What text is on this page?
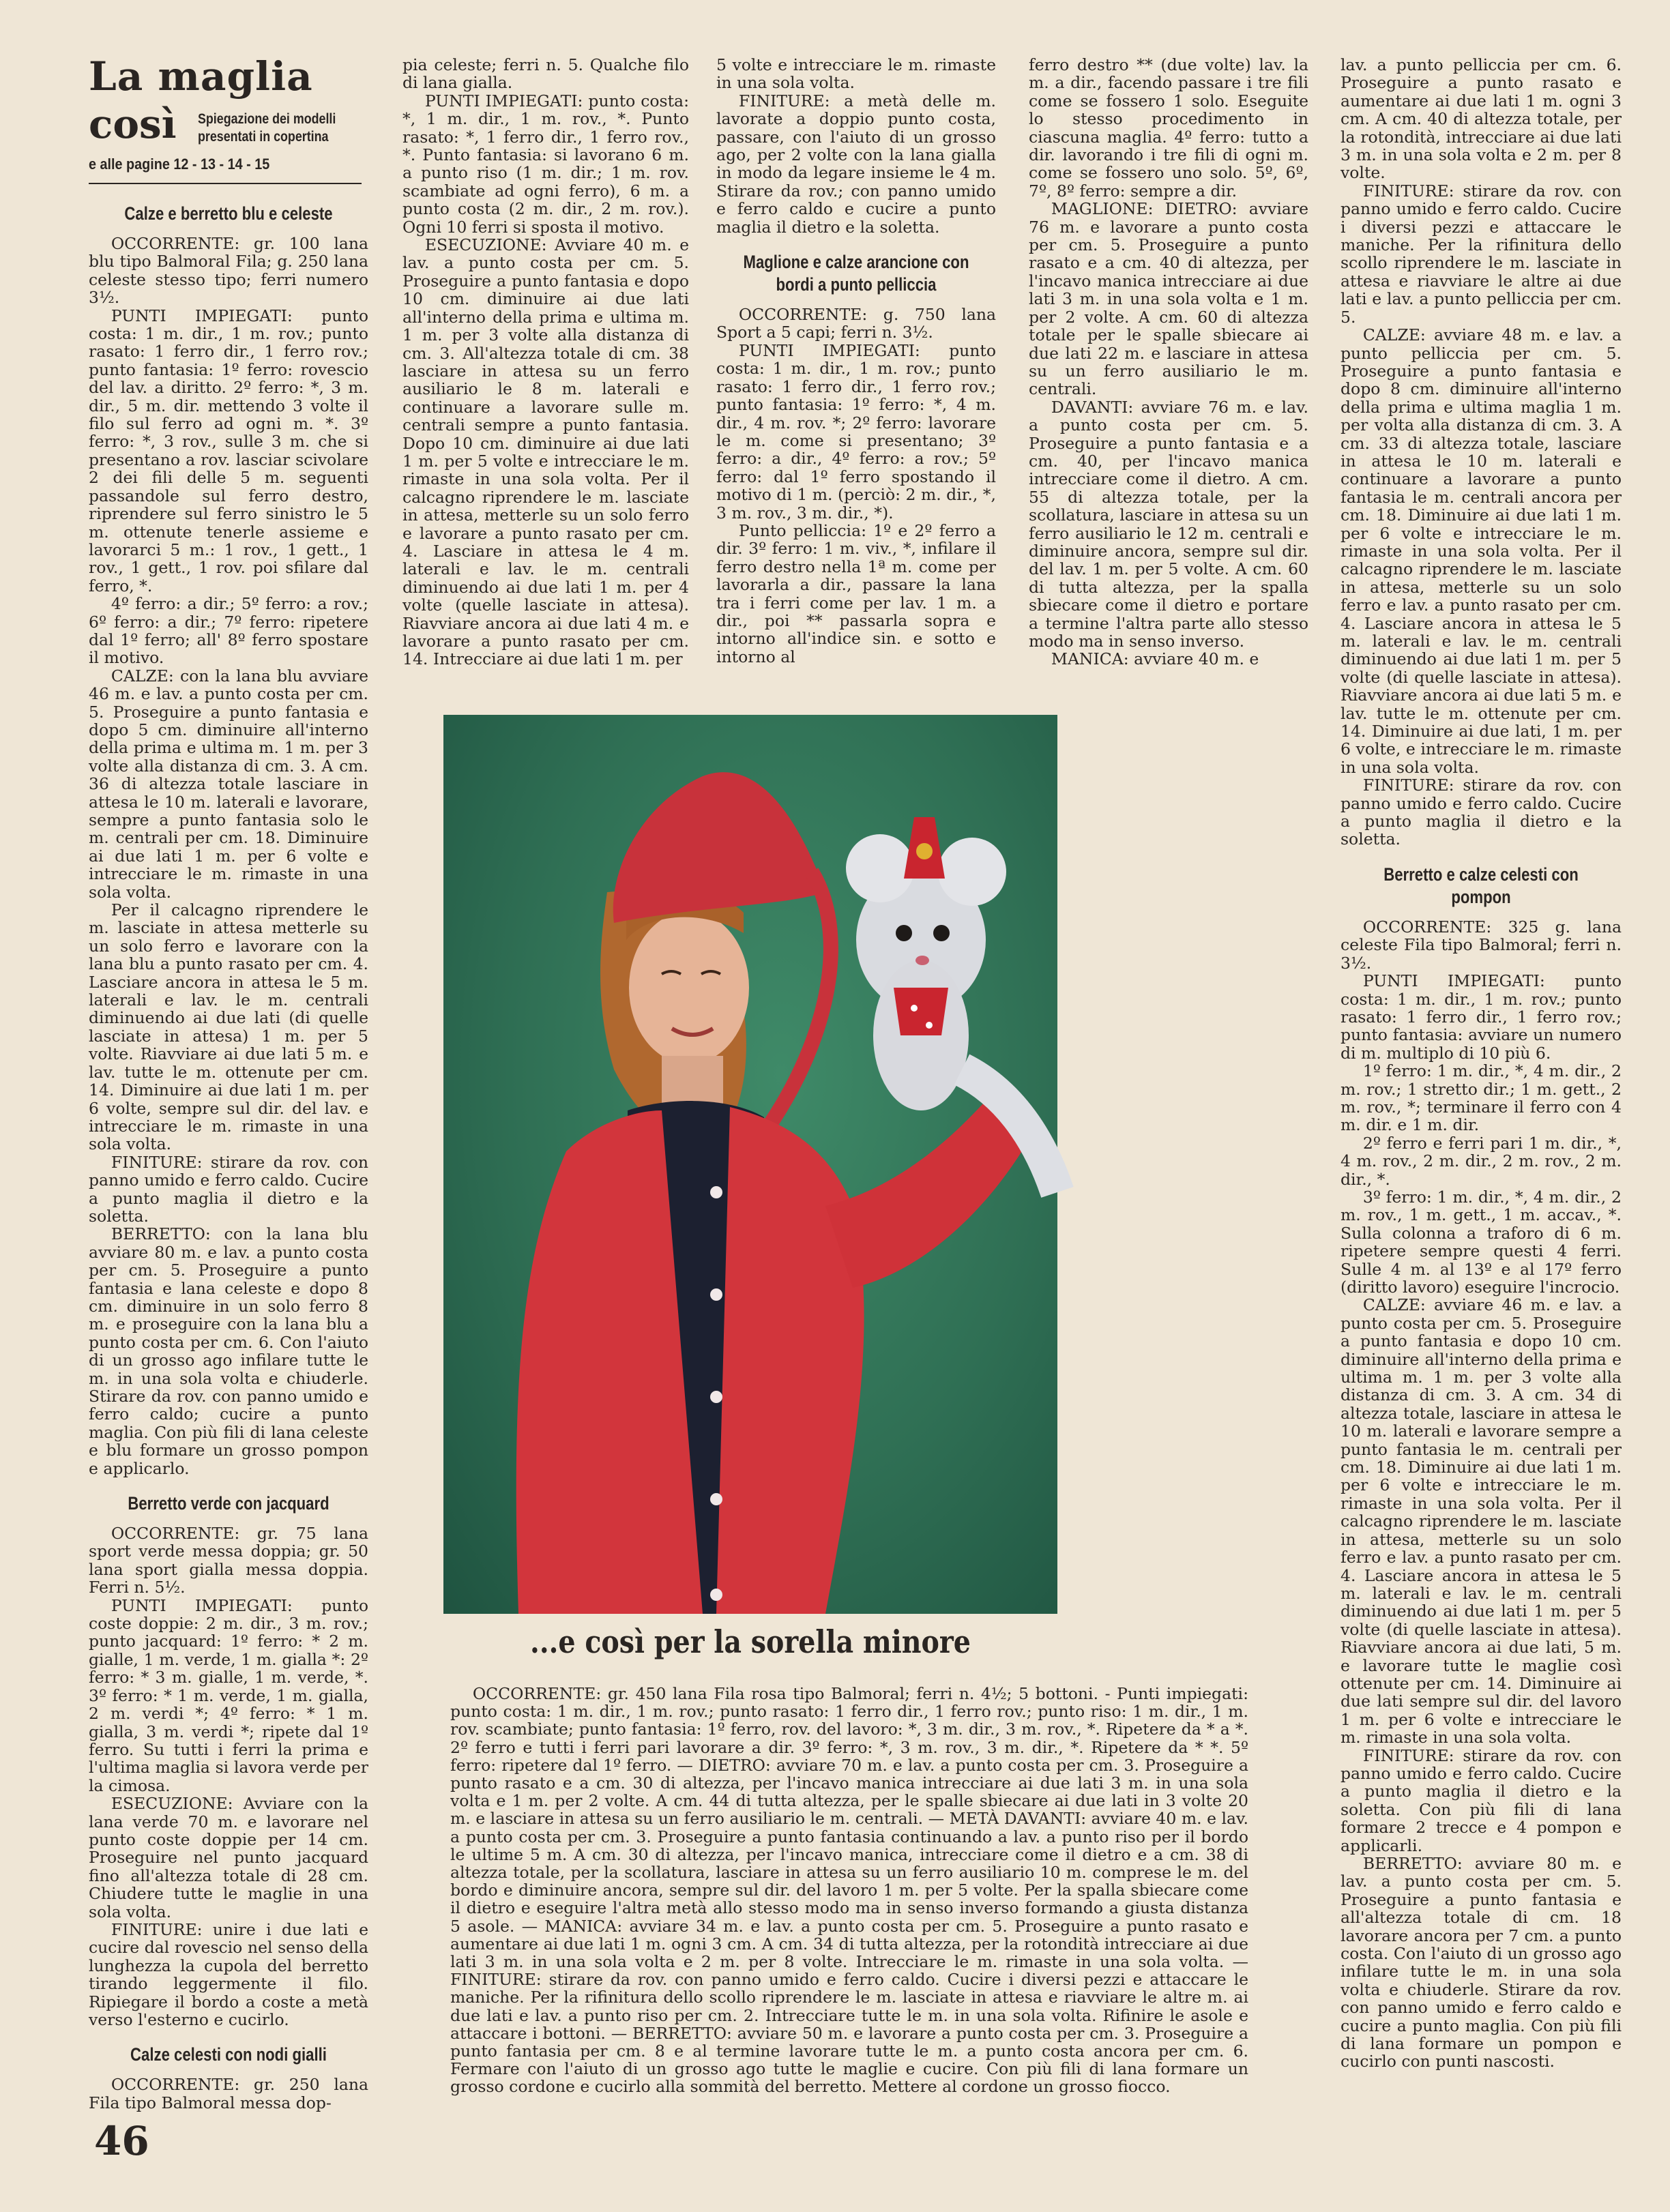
La maglia
così Spiegazione dei modelli presentati in copertina
e alle pagine 12 - 13 - 14 - 15
Calze e berretto blu e celeste

OCCORRENTE: gr. 100 lana blu tipo Balmoral Fila; g. 250 lana celeste stesso tipo; ferri numero 3½.

PUNTI IMPIEGATI: punto costa: 1 m. dir., 1 m. rov.; punto rasato: 1 ferro dir., 1 ferro rov.; punto fantasia: 1º ferro: rovescio del lav. a diritto. 2º ferro: *, 3 m. dir., 5 m. dir. mettendo 3 volte il filo sul ferro ad ogni m. *. 3º ferro: *, 3 rov., sulle 3 m. che si presentano a rov. lasciar scivolare 2 dei fili delle 5 m. seguenti passandole sul ferro destro, riprendere sul ferro sinistro le 5 m. ottenute tenerle assieme e lavorarci 5 m.: 1 rov., 1 gett., 1 rov., 1 gett., 1 rov. poi sfilare dal ferro, *.

4º ferro: a dir.; 5º ferro: a rov.; 6º ferro: a dir.; 7º ferro: ripetere dal 1º ferro; all' 8º ferro spostare il motivo.

CALZE: con la lana blu avviare 46 m. e lav. a punto costa per cm. 5. Proseguire a punto fantasia e dopo 5 cm. diminuire all'interno della prima e ultima m. 1 m. per 3 volte alla distanza di cm. 3. A cm. 36 di altezza totale lasciare in attesa le 10 m. laterali e lavorare, sempre a punto fantasia solo le m. centrali per cm. 18. Diminuire ai due lati 1 m. per 6 volte e intrecciare le m. rimaste in una sola volta.

Per il calcagno riprendere le m. lasciate in attesa metterle su un solo ferro e lavorare con la lana blu a punto rasato per cm. 4. Lasciare ancora in attesa le 5 m. laterali e lav. le m. centrali diminuendo ai due lati (di quelle lasciate in attesa) 1 m. per 5 volte. Riavviare ai due lati 5 m. e lav. tutte le m. ottenute per cm. 14. Diminuire ai due lati 1 m. per 6 volte, sempre sul dir. del lav. e intrecciare le m. rimaste in una sola volta.

FINITURE: stirare da rov. con panno umido e ferro caldo. Cucire a punto maglia il dietro e la soletta.

BERRETTO: con la lana blu avviare 80 m. e lav. a punto costa per cm. 5. Proseguire a punto fantasia e lana celeste e dopo 8 cm. diminuire in un solo ferro 8 m. e proseguire con la lana blu a punto costa per cm. 6. Con l'aiuto di un grosso ago infilare tutte le m. in una sola volta e chiuderle. Stirare da rov. con panno umido e ferro caldo; cucire a punto maglia. Con più fili di lana celeste e blu formare un grosso pompon e applicarlo.

Berretto verde con jacquard

OCCORRENTE: gr. 75 lana sport verde messa doppia; gr. 50 lana sport gialla messa doppia. Ferri n. 5½.

PUNTI IMPIEGATI: punto coste doppie: 2 m. dir., 3 m. rov.; punto jacquard: 1º ferro: * 2 m. gialle, 1 m. verde, 1 m. gialla *: 2º ferro: * 3 m. gialle, 1 m. verde, *. 3º ferro: * 1 m. verde, 1 m. gialla, 2 m. verdi *; 4º ferro: * 1 m. gialla, 3 m. verdi *; ripete dal 1º ferro. Su tutti i ferri la prima e l'ultima maglia si lavora verde per la cimosa.

ESECUZIONE: Avviare con la lana verde 70 m. e lavorare nel punto coste doppie per 14 cm. Proseguire nel punto jacquard fino all'altezza totale di 28 cm. Chiudere tutte le maglie in una sola volta.

FINITURE: unire i due lati e cucire dal rovescio nel senso della lunghezza la cupola del berretto tirando leggermente il filo. Ripiegare il bordo a coste a metà verso l'esterno e cucirlo.

Calze celesti con nodi gialli

OCCORRENTE: gr. 250 lana Fila tipo Balmoral messa dop-

pia celeste; ferri n. 5. Qualche filo di lana gialla.

PUNTI IMPIEGATI: punto costa: *, 1 m. dir., 1 m. rov., *. Punto rasato: *, 1 ferro dir., 1 ferro rov., *. Punto fantasia: si lavorano 6 m. a punto riso (1 m. dir.; 1 m. rov. scambiate ad ogni ferro), 6 m. a punto costa (2 m. dir., 2 m. rov.). Ogni 10 ferri si sposta il motivo.

ESECUZIONE: Avviare 40 m. e lav. a punto costa per cm. 5. Proseguire a punto fantasia e dopo 10 cm. diminuire ai due lati all'interno della prima e ultima m. 1 m. per 3 volte alla distanza di cm. 3. All'altezza totale di cm. 38 lasciare in attesa su un ferro ausiliario le 8 m. laterali e continuare a lavorare sulle m. centrali sempre a punto fantasia. Dopo 10 cm. diminuire ai due lati 1 m. per 5 volte e intrecciare le m. rimaste in una sola volta. Per il calcagno riprendere le m. lasciate in attesa, metterle su un solo ferro e lavorare a punto rasato per cm. 4. Lasciare in attesa le 4 m. laterali e lav. le m. centrali diminuendo ai due lati 1 m. per 4 volte (quelle lasciate in attesa). Riavviare ancora ai due lati 4 m. e lavorare a punto rasato per cm. 14. Intrecciare ai due lati 1 m. per

5 volte e intrecciare le m. rimaste in una sola volta.

FINITURE: a metà delle m. lavorate a doppio punto costa, passare, con l'aiuto di un grosso ago, per 2 volte con la lana gialla in modo da legare insieme le 4 m. Stirare da rov.; con panno umido e ferro caldo e cucire a punto maglia il dietro e la soletta.

Maglione e calze arancione con bordi a punto pelliccia

OCCORRENTE: g. 750 lana Sport a 5 capi; ferri n. 3½.

PUNTI IMPIEGATI: punto costa: 1 m. dir., 1 m. rov.; punto rasato: 1 ferro dir., 1 ferro rov.; punto fantasia: 1º ferro: *, 4 m. dir., 4 m. rov. *; 2º ferro: lavorare le m. come si presentano; 3º ferro: a dir., 4º ferro: a rov.; 5º ferro: dal 1º ferro spostando il motivo di 1 m. (perciò: 2 m. dir., *, 3 m. rov., 3 m. dir., *).

Punto pelliccia: 1º e 2º ferro a dir. 3º ferro: 1 m. viv., *, infilare il ferro destro nella 1ª m. come per lavorarla a dir., passare la lana tra i ferri come per lav. 1 m. a dir., poi ** passarla sopra e intorno all'indice sin. e sotto e intorno al

ferro destro ** (due volte) lav. la m. a dir., facendo passare i tre fili come se fossero 1 solo. Eseguite lo stesso procedimento in ciascuna maglia. 4º ferro: tutto a dir. lavorando i tre fili di ogni m. come se fossero uno solo. 5º, 6º, 7º, 8º ferro: sempre a dir.

MAGLIONE: DIETRO: avviare 76 m. e lavorare a punto costa per cm. 5. Proseguire a punto rasato e a cm. 40 di altezza, per l'incavo manica intrecciare ai due lati 3 m. in una sola volta e 1 m. per 2 volte. A cm. 60 di altezza totale per le spalle sbiecare ai due lati 22 m. e lasciare in attesa su un ferro ausiliario le m. centrali.

DAVANTI: avviare 76 m. e lav. a punto costa per cm. 5. Proseguire a punto fantasia e a cm. 40, per l'incavo manica intrecciare come il dietro. A cm. 55 di altezza totale, per la scollatura, lasciare in attesa su un ferro ausiliario le 12 m. centrali e diminuire ancora, sempre sul dir. del lav. 1 m. per 5 volte. A cm. 60 di tutta altezza, per la spalla sbiecare come il dietro e portare a termine l'altra parte allo stesso modo ma in senso inverso.

MANICA: avviare 40 m. e

lav. a punto pelliccia per cm. 6. Proseguire a punto rasato e aumentare ai due lati 1 m. ogni 3 cm. A cm. 40 di altezza totale, per la rotondità, intrecciare ai due lati 3 m. in una sola volta e 2 m. per 8 volte.

FINITURE: stirare da rov. con panno umido e ferro caldo. Cucire i diversi pezzi e attaccare le maniche. Per la rifinitura dello scollo riprendere le m. lasciate in attesa e riavviare le altre ai due lati e lav. a punto pelliccia per cm. 5.

CALZE: avviare 48 m. e lav. a punto pelliccia per cm. 5. Proseguire a punto fantasia e dopo 8 cm. diminuire all'interno della prima e ultima maglia 1 m. per volta alla distanza di cm. 3. A cm. 33 di altezza totale, lasciare in attesa le 10 m. laterali e continuare a lavorare a punto fantasia le m. centrali ancora per cm. 18. Diminuire ai due lati 1 m. per 6 volte e intrecciare le m. rimaste in una sola volta. Per il calcagno riprendere le m. lasciate in attesa, metterle su un solo ferro e lav. a punto rasato per cm. 4. Lasciare ancora in attesa le 5 m. laterali e lav. le m. centrali diminuendo ai due lati 1 m. per 5 volte (di quelle lasciate in attesa). Riavviare ancora ai due lati 5 m. e lav. tutte le m. ottenute per cm. 14. Diminuire ai due lati, 1 m. per 6 volte, e intrecciare le m. rimaste in una sola volta.

FINITURE: stirare da rov. con panno umido e ferro caldo. Cucire a punto maglia il dietro e la soletta.

Berretto e calze celesti con pompon

OCCORRENTE: 325 g. lana celeste Fila tipo Balmoral; ferri n. 3½.

PUNTI IMPIEGATI: punto costa: 1 m. dir., 1 m. rov.; punto rasato: 1 ferro dir., 1 ferro rov.; punto fantasia: avviare un numero di m. multiplo di 10 più 6.

1º ferro: 1 m. dir., *, 4 m. dir., 2 m. rov.; 1 stretto dir.; 1 m. gett., 2 m. rov., *; terminare il ferro con 4 m. dir. e 1 m. dir.

2º ferro e ferri pari 1 m. dir., *, 4 m. rov., 2 m. dir., 2 m. rov., 2 m. dir., *.

3º ferro: 1 m. dir., *, 4 m. dir., 2 m. rov., 1 m. gett., 1 m. accav., *. Sulla colonna a traforo di 6 m. ripetere sempre questi 4 ferri. Sulle 4 m. al 13º e al 17º ferro (diritto lavoro) eseguire l'incrocio.

CALZE: avviare 46 m. e lav. a punto costa per cm. 5. Proseguire a punto fantasia e dopo 10 cm. diminuire all'interno della prima e ultima m. 1 m. per 3 volte alla distanza di cm. 3. A cm. 34 di altezza totale, lasciare in attesa le 10 m. laterali e lavorare sempre a punto fantasia le m. centrali per cm. 18. Diminuire ai due lati 1 m. per 6 volte e intrecciare le m. rimaste in una sola volta. Per il calcagno riprendere le m. lasciate in attesa, metterle su un solo ferro e lav. a punto rasato per cm. 4. Lasciare ancora in attesa le 5 m. laterali e lav. le m. centrali diminuendo ai due lati 1 m. per 5 volte (di quelle lasciate in attesa). Riavviare ancora ai due lati, 5 m. e lavorare tutte le maglie così ottenute per cm. 14. Diminuire ai due lati sempre sul dir. del lavoro 1 m. per 6 volte e intrecciare le m. rimaste in una sola volta.

FINITURE: stirare da rov. con panno umido e ferro caldo. Cucire a punto maglia il dietro e la soletta. Con più fili di lana formare 2 trecce e 4 pompon e applicarli.

BERRETTO: avviare 80 m. e lav. a punto costa per cm. 5. Proseguire a punto fantasia e all'altezza totale di cm. 18 lavorare ancora per 7 cm. a punto costa. Con l'aiuto di un grosso ago infilare tutte le m. in una sola volta e chiuderle. Stirare da rov. con panno umido e ferro caldo e cucire a punto maglia. Con più fili di lana formare un pompon e cucirlo con punti nascosti.

...e così per la sorella minore

OCCORRENTE: gr. 450 lana Fila rosa tipo Balmoral; ferri n. 4½; 5 bottoni. - Punti impiegati: punto costa: 1 m. dir., 1 m. rov.; punto rasato: 1 ferro dir., 1 ferro rov.; punto riso: 1 m. dir., 1 m. rov. scambiate; punto fantasia: 1º ferro, rov. del lavoro: *, 3 m. dir., 3 m. rov., *. Ripetere da * a *. 2º ferro e tutti i ferri pari lavorare a dir. 3º ferro: *, 3 m. rov., 3 m. dir., *. Ripetere da * *. 5º ferro: ripetere dal 1º ferro. — DIETRO: avviare 70 m. e lav. a punto costa per cm. 3. Proseguire a punto rasato e a cm. 30 di altezza, per l'incavo manica intrecciare ai due lati 3 m. in una sola volta e 1 m. per 2 volte. A cm. 44 di tutta altezza, per le spalle sbiecare ai due lati in 3 volte 20 m. e lasciare in attesa su un ferro ausiliario le m. centrali. — METÀ DAVANTI: avviare 40 m. e lav. a punto costa per cm. 3. Proseguire a punto fantasia continuando a lav. a punto riso per il bordo le ultime 5 m. A cm. 30 di altezza, per l'incavo manica, intrecciare come il dietro e a cm. 38 di altezza totale, per la scollatura, lasciare in attesa su un ferro ausiliario 10 m. comprese le m. del bordo e diminuire ancora, sempre sul dir. del lavoro 1 m. per 5 volte. Per la spalla sbiecare come il dietro e eseguire l'altra metà allo stesso modo ma in senso inverso formando a giusta distanza 5 asole. — MANICA: avviare 34 m. e lav. a punto costa per cm. 5. Proseguire a punto rasato e aumentare ai due lati 1 m. ogni 3 cm. A cm. 34 di tutta altezza, per la rotondità intrecciare ai due lati 3 m. in una sola volta e 2 m. per 8 volte. Intrecciare le m. rimaste in una sola volta. — FINITURE: stirare da rov. con panno umido e ferro caldo. Cucire i diversi pezzi e attaccare le maniche. Per la rifinitura dello scollo riprendere le m. lasciate in attesa e riavviare le altre m. ai due lati e lav. a punto riso per cm. 2. Intrecciare tutte le m. in una sola volta. Rifinire le asole e attaccare i bottoni. — BERRETTO: avviare 50 m. e lavorare a punto costa per cm. 3. Proseguire a punto fantasia per cm. 8 e al termine lavorare tutte le m. a punto costa ancora per cm. 6. Fermare con l'aiuto di un grosso ago tutte le maglie e cucire. Con più fili di lana formare un grosso cordone e cucirlo alla sommità del berretto. Mettere al cordone un grosso fiocco.

46
